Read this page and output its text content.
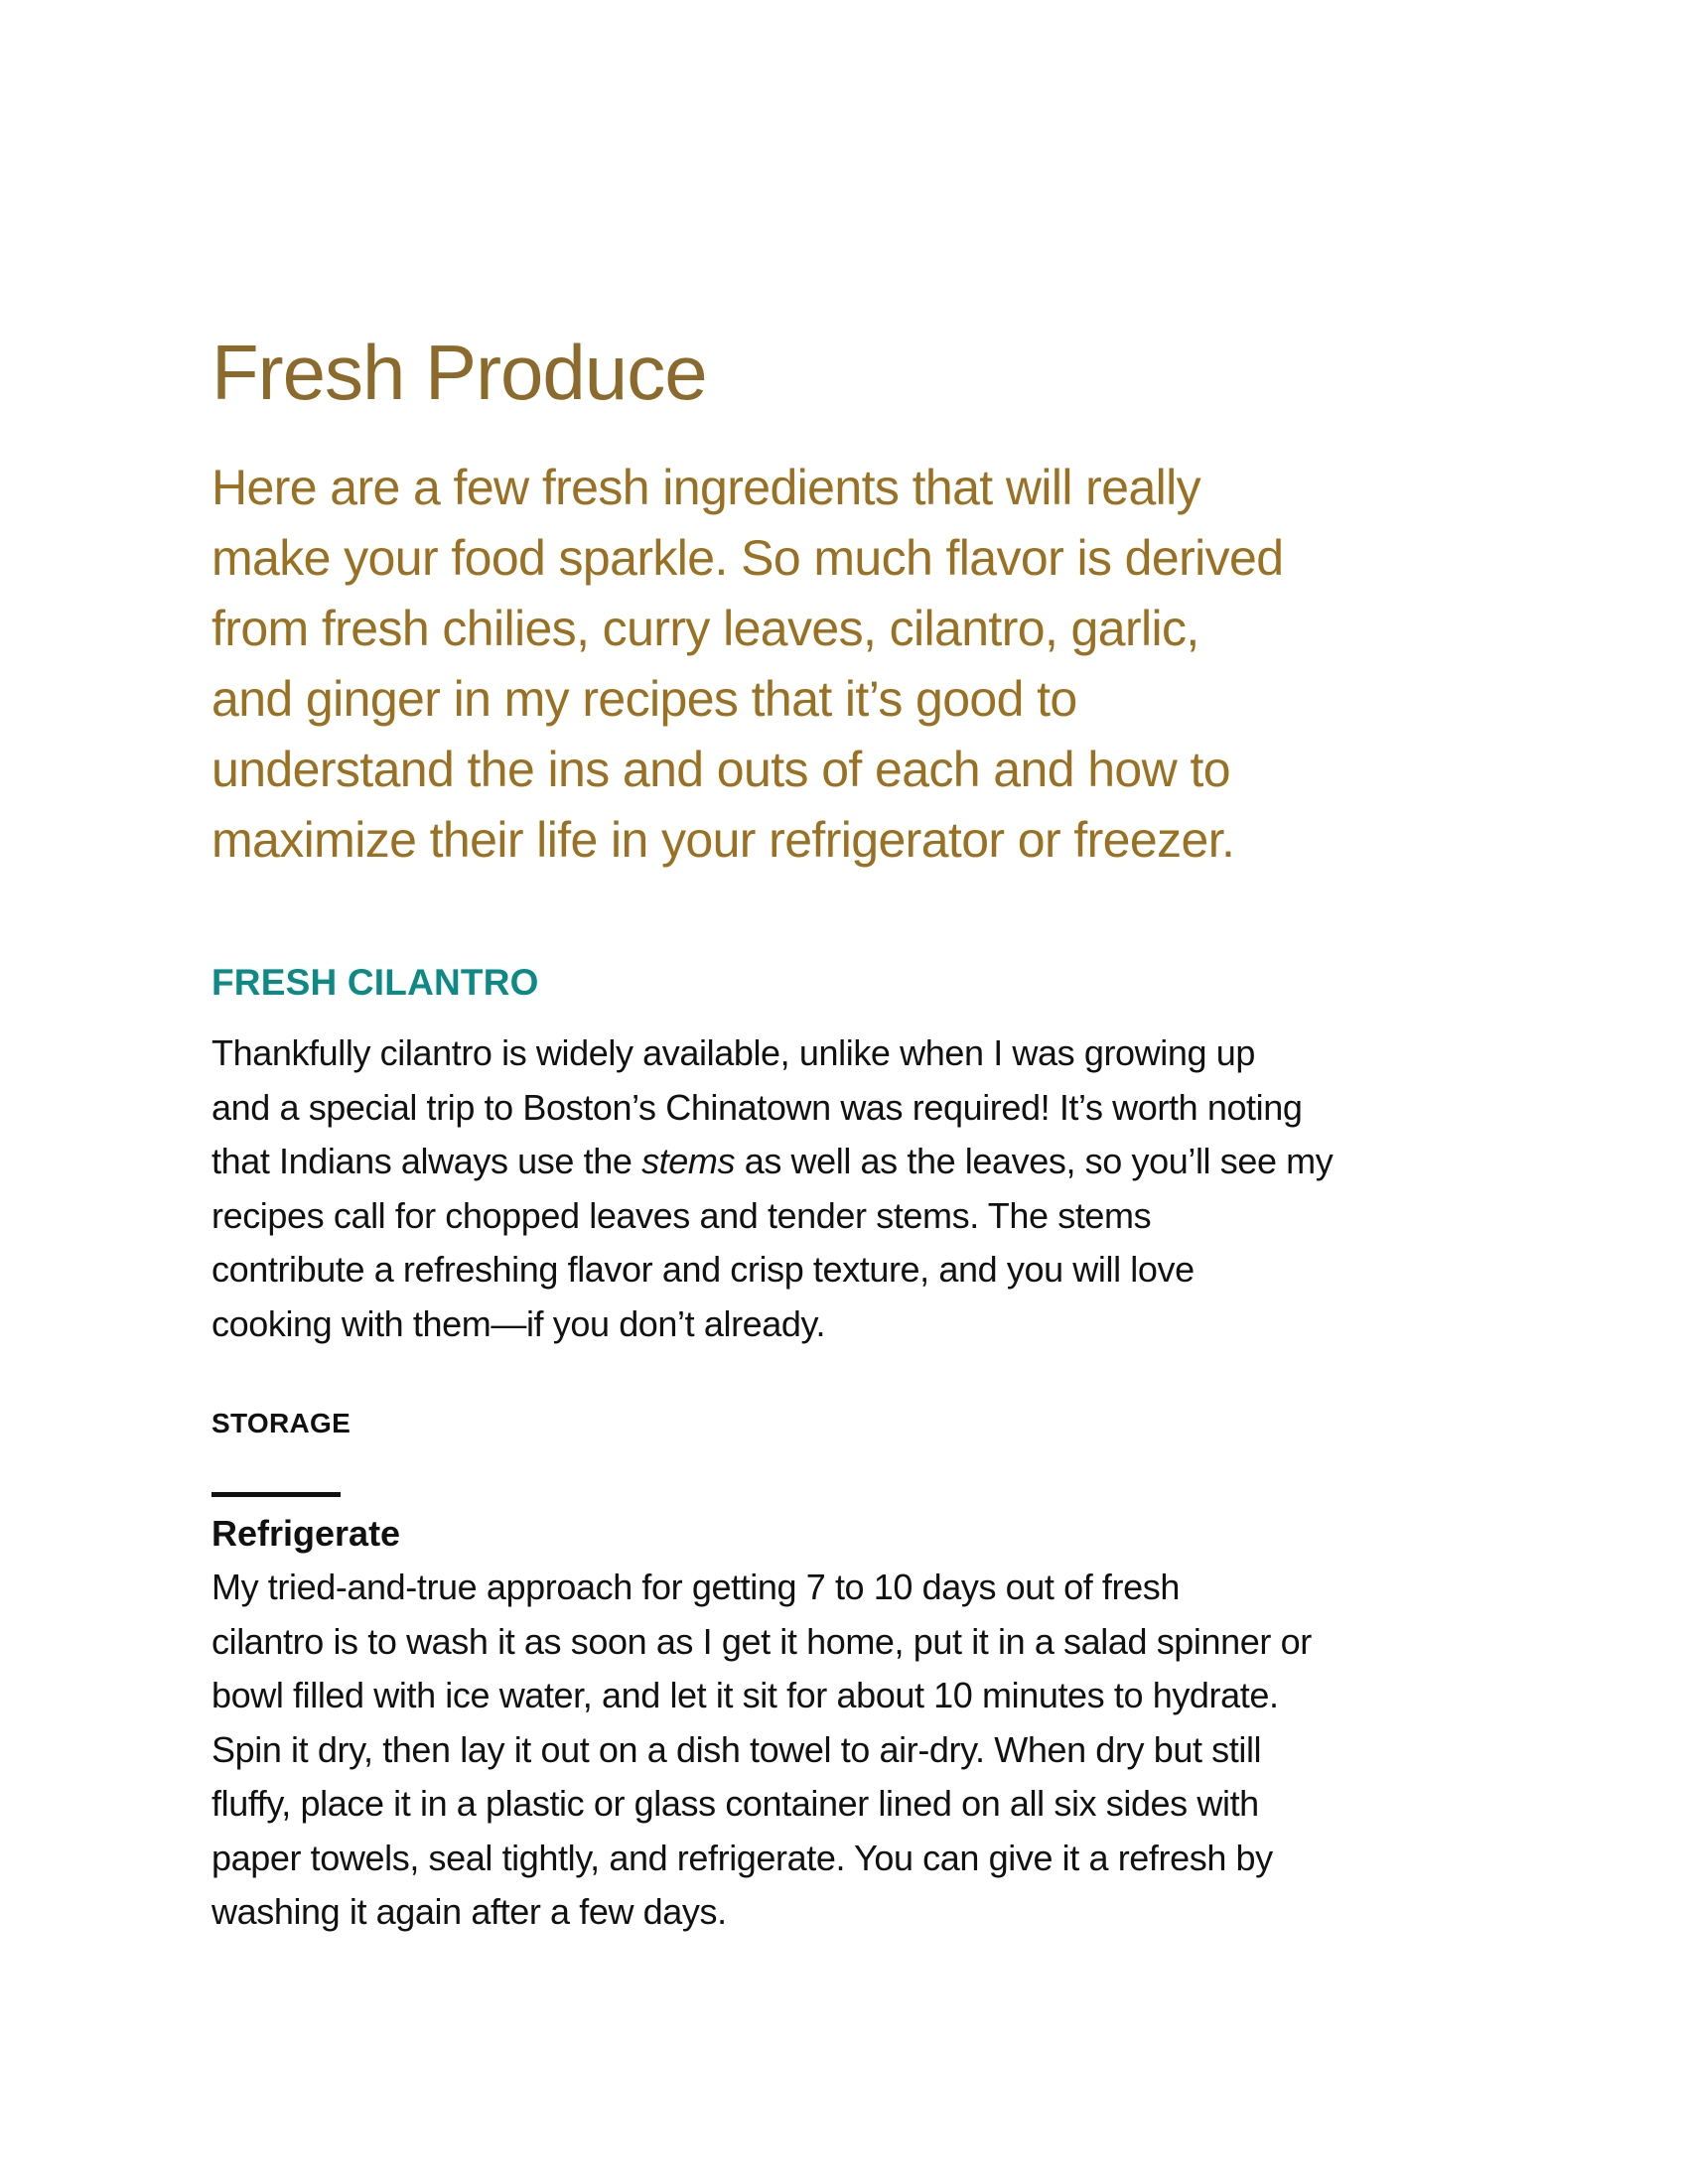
Fresh Produce

Here are a few fresh ingredients that will really
make your food sparkle. So much flavor is derived
from fresh chilies, curry leaves, cilantro, garlic,
and ginger in my recipes that it’s good to
understand the ins and outs of each and how to
maximize their life in your refrigerator or freezer.

FRESH CILANTRO

Thankfully cilantro is widely available, unlike when I was growing up
and a special trip to Boston’s Chinatown was required! It’s worth noting
that Indians always use the stems as well as the leaves, so you’ll see my
recipes call for chopped leaves and tender stems. The stems
contribute a refreshing flavor and crisp texture, and you will love
cooking with them—if you don’t already.

STORAGE
Refrigerate

My tried-and-true approach for getting 7 to 10 days out of fresh
cilantro is to wash it as soon as I get it home, put it in a salad spinner or
bowl filled with ice water, and let it sit for about 10 minutes to hydrate.
Spin it dry, then lay it out on a dish towel to air-dry. When dry but still
fluffy, place it in a plastic or glass container lined on all six sides with
paper towels, seal tightly, and refrigerate. You can give it a refresh by
washing it again after a few days.
